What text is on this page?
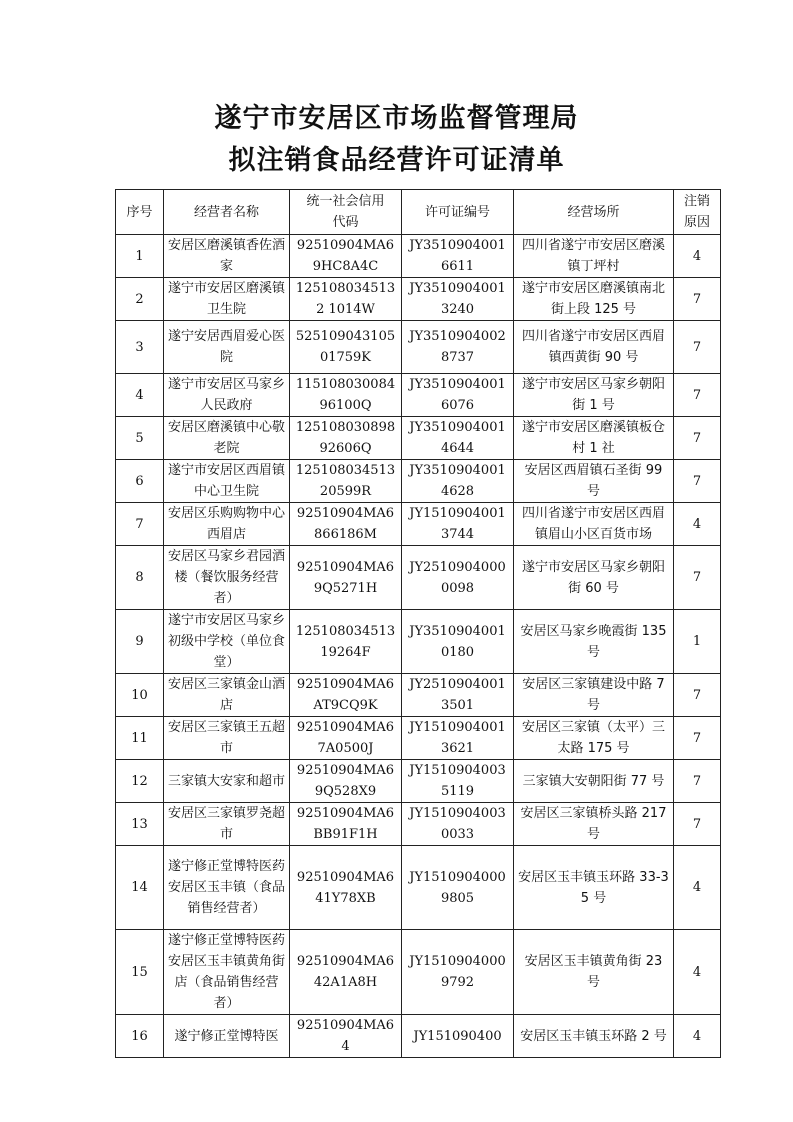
遂宁市安居区市场监督管理局
拟注销食品经营许可证清单
序号	经营者名称	统一社会信用代码	许可证编号	经营场所	注销原因
1	安居区磨溪镇香佐酒家	92510904MA69HC8A4C	JY35109040016611	四川省遂宁市安居区磨溪镇丁坪村	4
2	遂宁市安居区磨溪镇卫生院	1251080345132 1014W	JY35109040013240	遂宁市安居区磨溪镇南北街上段 125 号	7
3	遂宁安居西眉爱心医院	52510904310501759K	JY35109040028737	四川省遂宁市安居区西眉镇西黄街 90 号	7
4	遂宁市安居区马家乡人民政府	11510803008496100Q	JY35109040016076	遂宁市安居区马家乡朝阳街 1 号	7
5	安居区磨溪镇中心敬老院	12510803089892606Q	JY35109040014644	遂宁市安居区磨溪镇板仓村 1 社	7
6	遂宁市安居区西眉镇中心卫生院	12510803451320599R	JY35109040014628	安居区西眉镇石圣街 99 号	7
7	安居区乐购购物中心西眉店	92510904MA6866186M	JY15109040013744	四川省遂宁市安居区西眉镇眉山小区百货市场	4
8	安居区马家乡君园酒楼（餐饮服务经营者）	92510904MA69Q5271H	JY25109040000098	遂宁市安居区马家乡朝阳街 60 号	7
9	遂宁市安居区马家乡初级中学校（单位食堂）	12510803451319264F	JY35109040010180	安居区马家乡晚霞街 135 号	1
10	安居区三家镇金山酒店	92510904MA6AT9CQ9K	JY25109040013501	安居区三家镇建设中路 7 号	7
11	安居区三家镇王五超市	92510904MA67A0500J	JY15109040013621	安居区三家镇（太平）三太路 175 号	7
12	三家镇大安家和超市	92510904MA69Q528X9	JY15109040035119	三家镇大安朝阳街 77 号	7
13	安居区三家镇罗尧超市	92510904MA6BB91F1H	JY15109040030033	安居区三家镇桥头路 217 号	7
14	遂宁修正堂博特医药安居区玉丰镇（食品销售经营者）	92510904MA641Y78XB	JY15109040009805	安居区玉丰镇玉环路 33-35 号	4
15	遂宁修正堂博特医药安居区玉丰镇黄角街店（食品销售经营者）	92510904MA642A1A8H	JY15109040009792	安居区玉丰镇黄角街 23 号	4
16	遂宁修正堂博特医	92510904MA64	JY151090400	安居区玉丰镇玉环路 2 号	4
